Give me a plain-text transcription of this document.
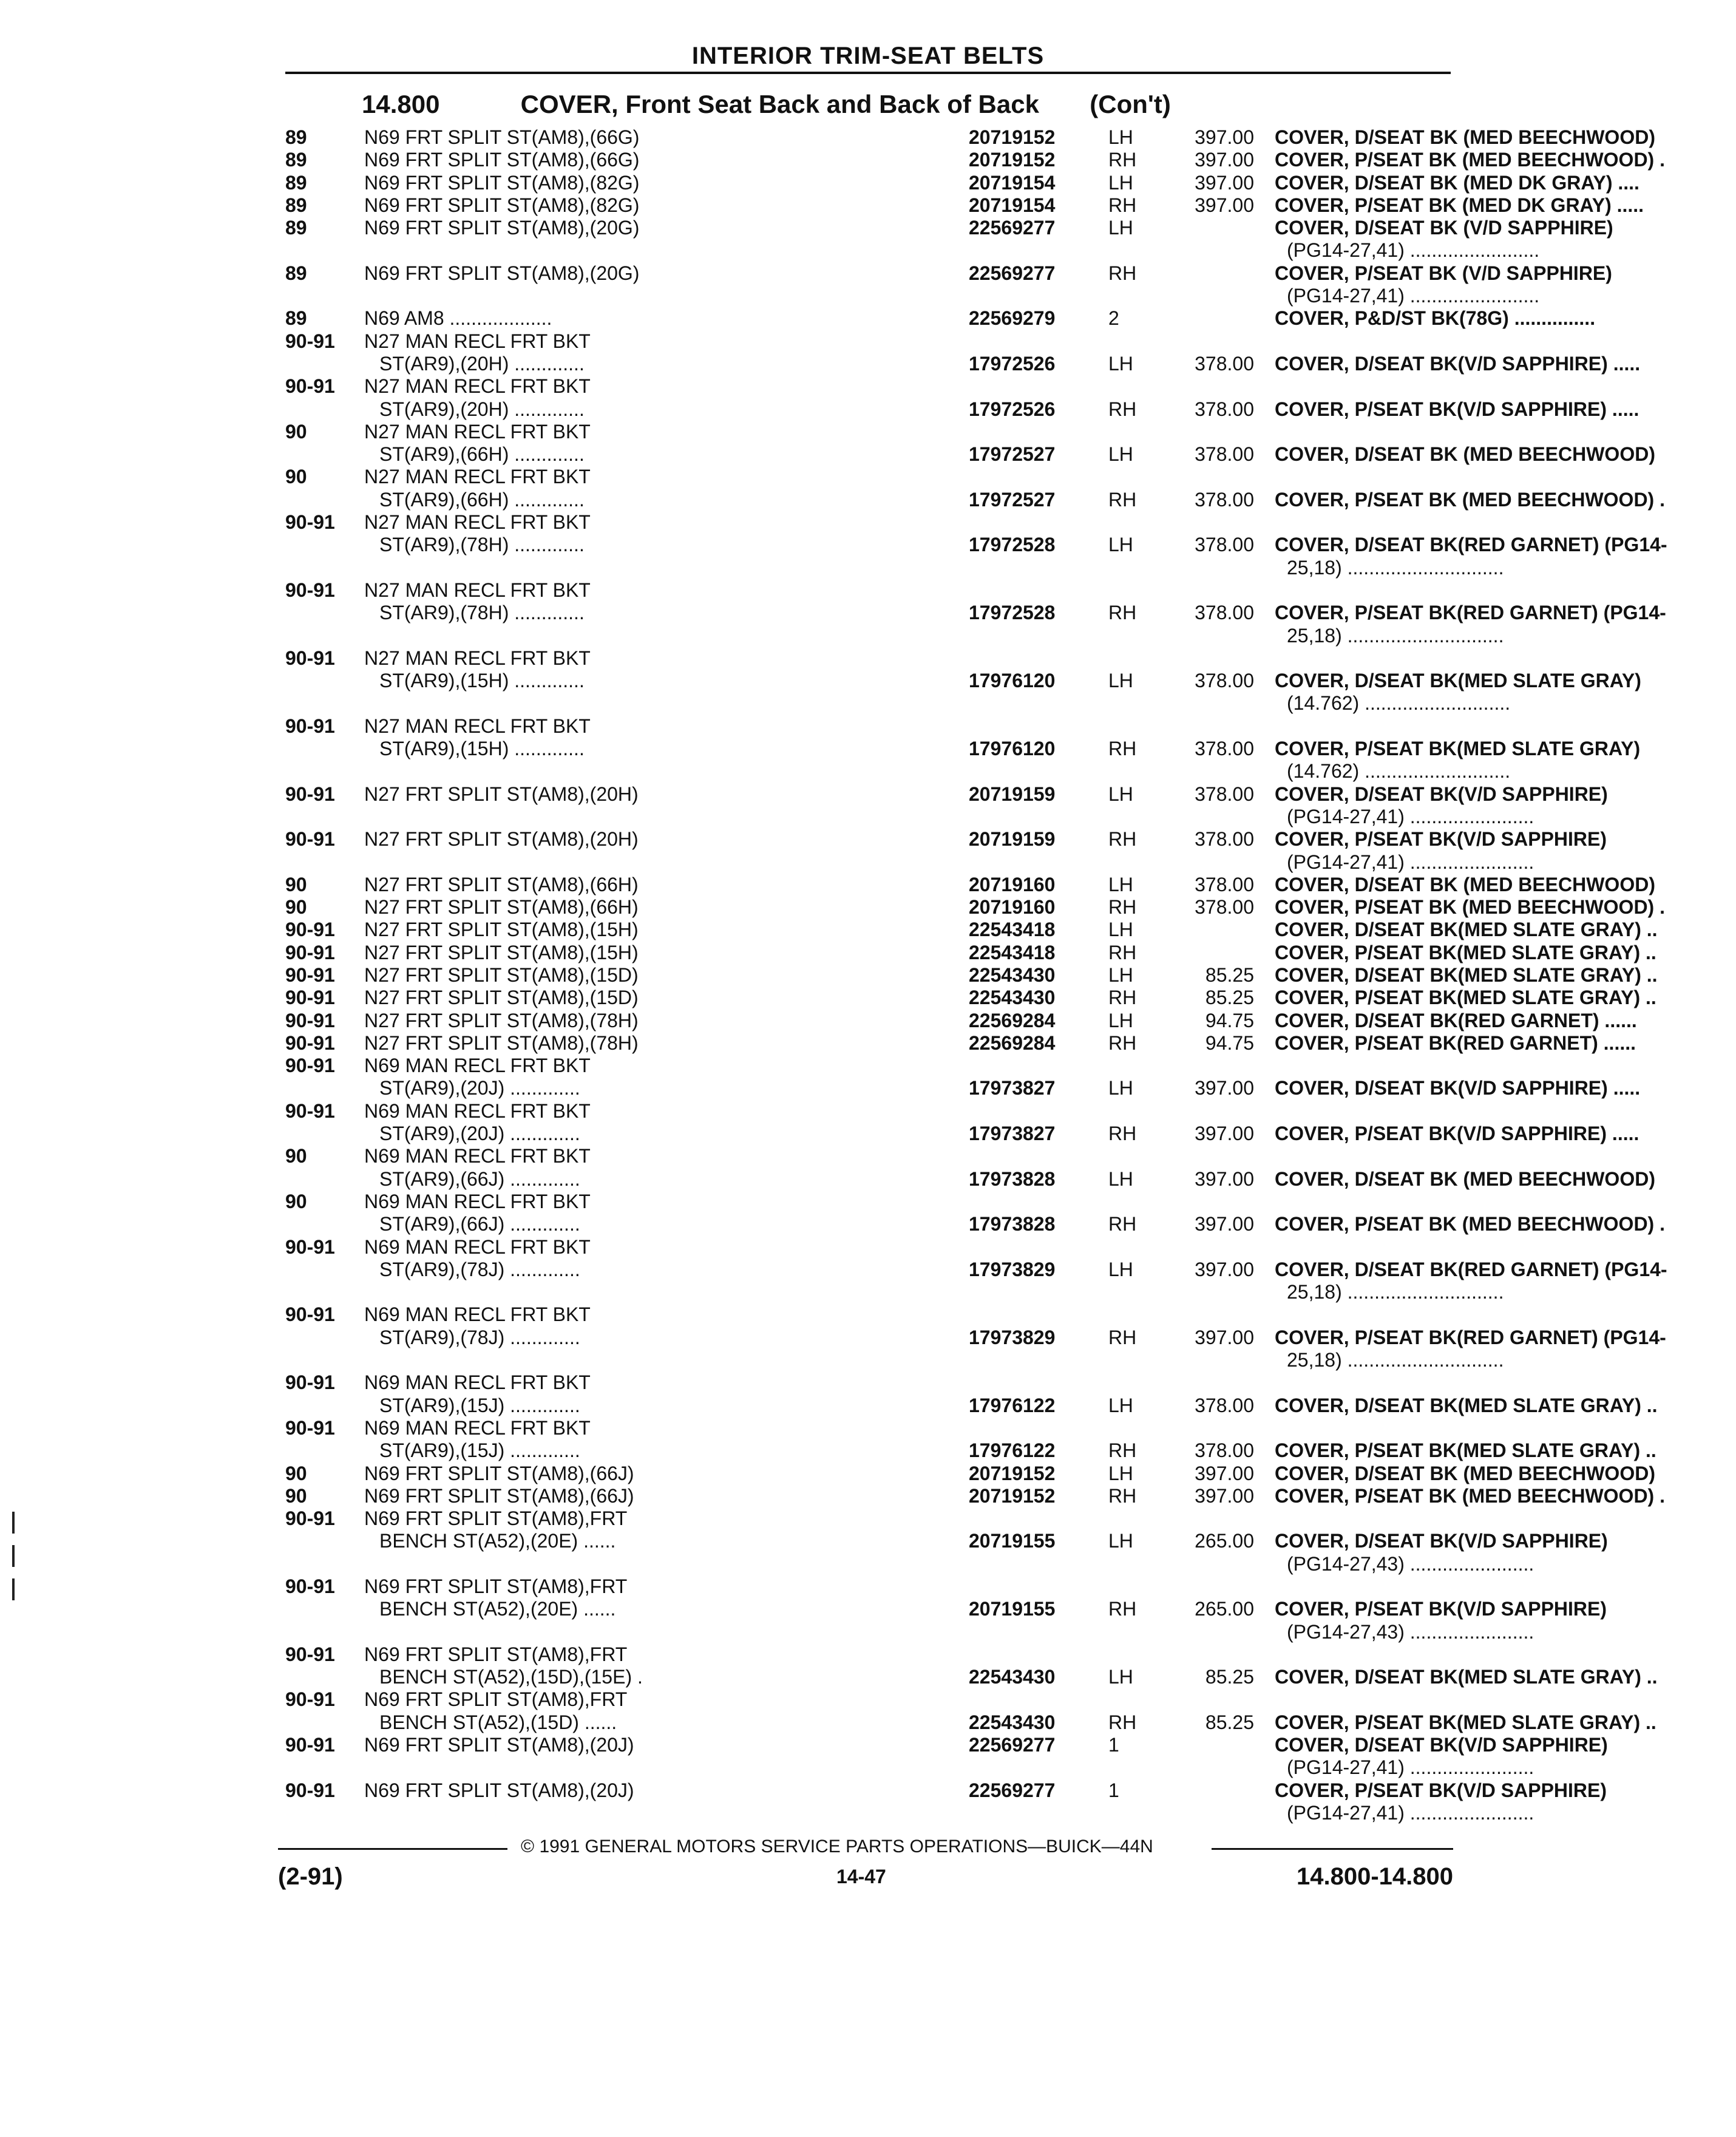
INTERIOR TRIM-SEAT BELTS
14.800	COVER, Front Seat Back and Back of Back (Con't)
89	N69 FRT SPLIT ST(AM8),(66G)	20719152	LH	397.00 COVER, D/SEAT BK (MED BEECHWOOD)
89	N69 FRT SPLIT ST(AM8),(66G)	20719152	RH	397.00 COVER, P/SEAT BK (MED BEECHWOOD) .
89	N69 FRT SPLIT ST(AM8),(82G)	20719154	LH	397.00 COVER, D/SEAT BK (MED DK GRAY) ....
89	N69 FRT SPLIT ST(AM8),(82G)	20719154	RH	397.00 COVER, P/SEAT BK (MED DK GRAY) .....
89	N69 FRT SPLIT ST(AM8),(20G)	22569277	LH	COVER, D/SEAT BK (V/D SAPPHIRE)
(PG14-27,41) ........................
89	N69 FRT SPLIT ST(AM8),(20G)	22569277	RH	COVER, P/SEAT BK (V/D SAPPHIRE)
(PG14-27,41) ........................
89	N69 AM8 ...................	22569279	2	COVER, P&D/ST BK(78G) ...............
90-91	N27 MAN RECL FRT BKT
ST(AR9),(20H) .............	17972526	LH	378.00 COVER, D/SEAT BK(V/D SAPPHIRE) .....
90-91	N27 MAN RECL FRT BKT
ST(AR9),(20H) .............	17972526	RH	378.00 COVER, P/SEAT BK(V/D SAPPHIRE) .....
90	N27 MAN RECL FRT BKT
ST(AR9),(66H) .............	17972527	LH	378.00 COVER, D/SEAT BK (MED BEECHWOOD)
90	N27 MAN RECL FRT BKT
ST(AR9),(66H) .............	17972527	RH	378.00 COVER, P/SEAT BK (MED BEECHWOOD) .
90-91	N27 MAN RECL FRT BKT
ST(AR9),(78H) .............	17972528	LH	378.00 COVER, D/SEAT BK(RED GARNET) (PG14-
25,18) .............................
90-91	N27 MAN RECL FRT BKT
ST(AR9),(78H) .............	17972528	RH	378.00 COVER, P/SEAT BK(RED GARNET) (PG14-
25,18) .............................
90-91	N27 MAN RECL FRT BKT
ST(AR9),(15H) .............	17976120	LH	378.00 COVER, D/SEAT BK(MED SLATE GRAY)
(14.762) ...........................
90-91	N27 MAN RECL FRT BKT
ST(AR9),(15H) .............	17976120	RH	378.00 COVER, P/SEAT BK(MED SLATE GRAY)
(14.762) ...........................
90-91	N27 FRT SPLIT ST(AM8),(20H)	20719159	LH	378.00 COVER, D/SEAT BK(V/D SAPPHIRE)
(PG14-27,41) .......................
90-91	N27 FRT SPLIT ST(AM8),(20H)	20719159	RH	378.00 COVER, P/SEAT BK(V/D SAPPHIRE)
(PG14-27,41) .......................
90	N27 FRT SPLIT ST(AM8),(66H)	20719160	LH	378.00 COVER, D/SEAT BK (MED BEECHWOOD)
90	N27 FRT SPLIT ST(AM8),(66H)	20719160	RH	378.00 COVER, P/SEAT BK (MED BEECHWOOD) .
90-91	N27 FRT SPLIT ST(AM8),(15H)	22543418	LH	COVER, D/SEAT BK(MED SLATE GRAY) ..
90-91	N27 FRT SPLIT ST(AM8),(15H)	22543418	RH	COVER, P/SEAT BK(MED SLATE GRAY) ..
90-91	N27 FRT SPLIT ST(AM8),(15D)	22543430	LH	85.25 COVER, D/SEAT BK(MED SLATE GRAY) ..
90-91	N27 FRT SPLIT ST(AM8),(15D)	22543430	RH	85.25 COVER, P/SEAT BK(MED SLATE GRAY) ..
90-91	N27 FRT SPLIT ST(AM8),(78H)	22569284	LH	94.75 COVER, D/SEAT BK(RED GARNET) ......
90-91	N27 FRT SPLIT ST(AM8),(78H)	22569284	RH	94.75 COVER, P/SEAT BK(RED GARNET) ......
90-91	N69 MAN RECL FRT BKT
ST(AR9),(20J) .............	17973827	LH	397.00 COVER, D/SEAT BK(V/D SAPPHIRE) .....
90-91	N69 MAN RECL FRT BKT
ST(AR9),(20J) .............	17973827	RH	397.00 COVER, P/SEAT BK(V/D SAPPHIRE) .....
90	N69 MAN RECL FRT BKT
ST(AR9),(66J) .............	17973828	LH	397.00 COVER, D/SEAT BK (MED BEECHWOOD)
90	N69 MAN RECL FRT BKT
ST(AR9),(66J) .............	17973828	RH	397.00 COVER, P/SEAT BK (MED BEECHWOOD) .
90-91	N69 MAN RECL FRT BKT
ST(AR9),(78J) .............	17973829	LH	397.00 COVER, D/SEAT BK(RED GARNET) (PG14-
25,18) .............................
90-91	N69 MAN RECL FRT BKT
ST(AR9),(78J) .............	17973829	RH	397.00 COVER, P/SEAT BK(RED GARNET) (PG14-
25,18) .............................
90-91	N69 MAN RECL FRT BKT
ST(AR9),(15J) .............	17976122	LH	378.00 COVER, D/SEAT BK(MED SLATE GRAY) ..
90-91	N69 MAN RECL FRT BKT
ST(AR9),(15J) .............	17976122	RH	378.00 COVER, P/SEAT BK(MED SLATE GRAY) ..
90	N69 FRT SPLIT ST(AM8),(66J)	20719152	LH	397.00 COVER, D/SEAT BK (MED BEECHWOOD)
90	N69 FRT SPLIT ST(AM8),(66J)	20719152	RH	397.00 COVER, P/SEAT BK (MED BEECHWOOD) .
90-91	N69 FRT SPLIT ST(AM8),FRT
BENCH ST(A52),(20E) ......	20719155	LH	265.00 COVER, D/SEAT BK(V/D SAPPHIRE)
(PG14-27,43) .......................
90-91	N69 FRT SPLIT ST(AM8),FRT
BENCH ST(A52),(20E) ......	20719155	RH	265.00 COVER, P/SEAT BK(V/D SAPPHIRE)
(PG14-27,43) .......................
90-91	N69 FRT SPLIT ST(AM8),FRT
BENCH ST(A52),(15D),(15E) .	22543430	LH	85.25 COVER, D/SEAT BK(MED SLATE GRAY) ..
90-91	N69 FRT SPLIT ST(AM8),FRT
BENCH ST(A52),(15D) ......	22543430	RH	85.25 COVER, P/SEAT BK(MED SLATE GRAY) ..
90-91	N69 FRT SPLIT ST(AM8),(20J)	22569277	1	COVER, D/SEAT BK(V/D SAPPHIRE)
(PG14-27,41) .......................
90-91	N69 FRT SPLIT ST(AM8),(20J)	22569277	1	COVER, P/SEAT BK(V/D SAPPHIRE)
(PG14-27,41) .......................
© 1991 GENERAL MOTORS SERVICE PARTS OPERATIONS—BUICK—44N
(2-91)	14-47	14.800-14.800
